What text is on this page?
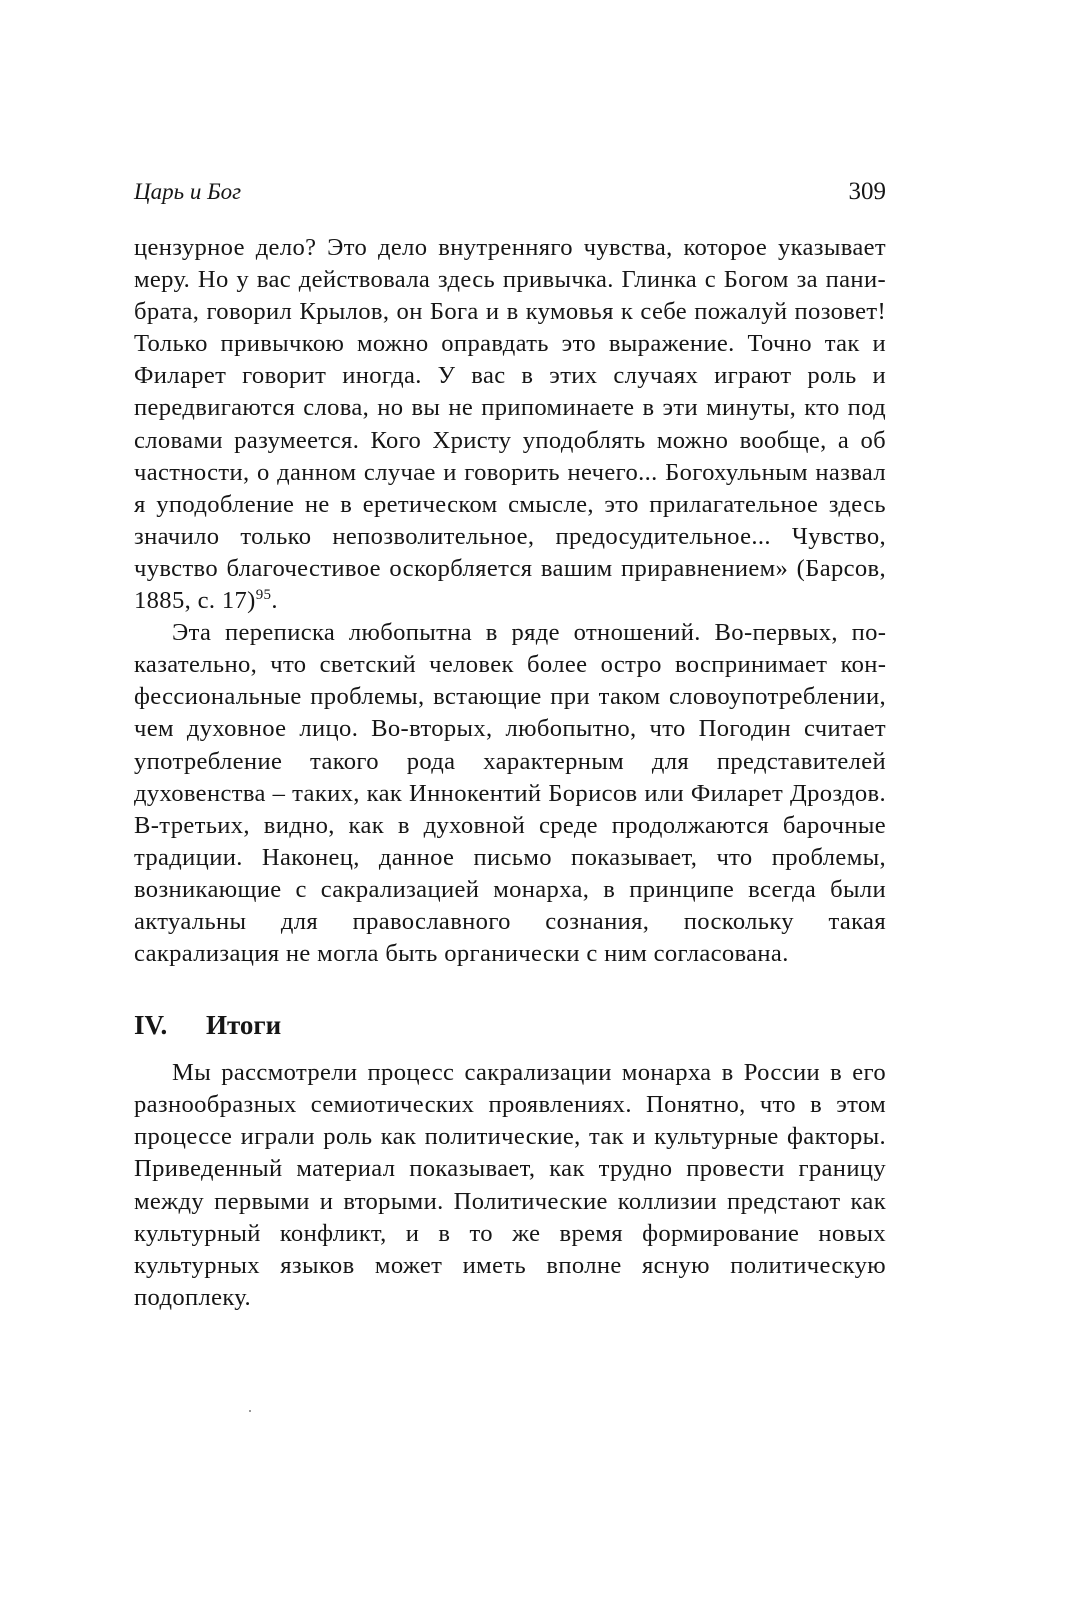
Царь и Бог	309

цензурное дело? Это дело внутренняго чувства, которое указывает меру. Но у вас действовала здесь привычка. Глинка с Богом за пани-брата, говорил Крылов, он Бога и в кумовья к себе пожалуй позовет! Только привычкою можно оправдать это выражение. Точно так и Филарет говорит иногда. У вас в этих случаях играют роль и передвигаются слова, но вы не припоминаете в эти минуты, кто под словами разумеется. Кого Христу уподоблять можно вообще, а об частности, о данном случае и говорить нечего... Богохульным назвал я уподобление не в еретическом смысле, это прилагательное здесь значило только непозволительное, предосудительное... Чувство, чувство благочестивое оскорбляется вашим приравнением» (Барсов, 1885, с. 17)$^{95}$.

Эта переписка любопытна в ряде отношений. Во-первых, показательно, что светский человек более остро воспринимает конфессиональные проблемы, встающие при таком словоупотреблении, чем духовное лицо. Во-вторых, любопытно, что Погодин считает употребление такого рода характерным для представителей духовенства – таких, как Иннокентий Борисов или Филарет Дроздов. В-третьих, видно, как в духовной среде продолжаются барочные традиции. Наконец, данное письмо показывает, что проблемы, возникающие с сакрализацией монарха, в принципе всегда были актуальны для православного сознания, поскольку такая сакрализация не могла быть органически с ним согласована.

IV.	Итоги

Мы рассмотрели процесс сакрализации монарха в России в его разнообразных семиотических проявлениях. Понятно, что в этом процессе играли роль как политические, так и культурные факторы. Приведенный материал показывает, как трудно провести границу между первыми и вторыми. Политические коллизии предстают как культурный конфликт, и в то же время формирование новых культурных языков может иметь вполне ясную политическую подоплеку.
